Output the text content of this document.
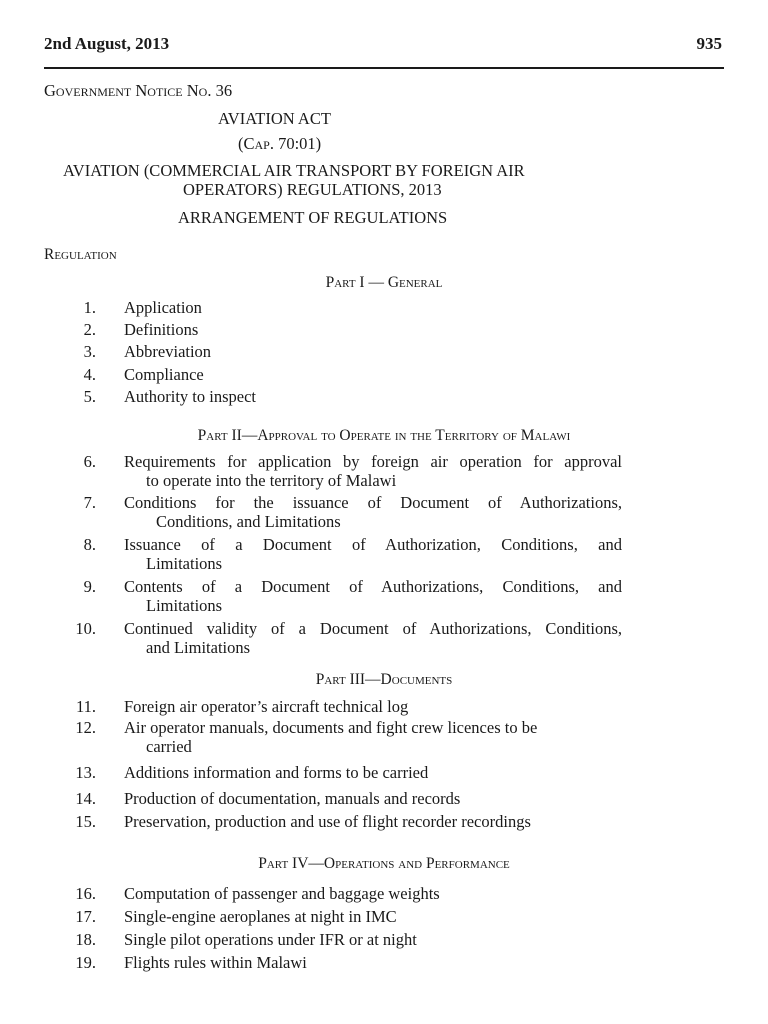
2nd August, 2013	935
Government Notice No. 36
AVIATION ACT
(Cap. 70:01)
AVIATION (COMMERCIAL AIR TRANSPORT BY FOREIGN AIR
OPERATORS) REGULATIONS, 2013
ARRANGEMENT OF REGULATIONS
Regulation
Part I — General
1. Application
2. Definitions
3. Abbreviation
4. Compliance
5. Authority to inspect
Part II—Approval to Operate in the Territory of Malawi
6. Requirements for application by foreign air operation for approval
to operate into the territory of Malawi
7. Conditions for the issuance of Document of Authorizations,
Conditions, and Limitations
8. Issuance of a Document of Authorization, Conditions, and
Limitations
9. Contents of a Document of Authorizations, Conditions, and
Limitations
10. Continued validity of a Document of Authorizations, Conditions,
and Limitations
Part III—Documents
11. Foreign air operator’s aircraft technical log
12. Air operator manuals, documents and fight crew licences to be
carried
13. Additions information and forms to be carried
14. Production of documentation, manuals and records
15. Preservation, production and use of flight recorder recordings
Part IV—Operations and Performance
16. Computation of passenger and baggage weights
17. Single-engine aeroplanes at night in IMC
18. Single pilot operations under IFR or at night
19. Flights rules within Malawi
